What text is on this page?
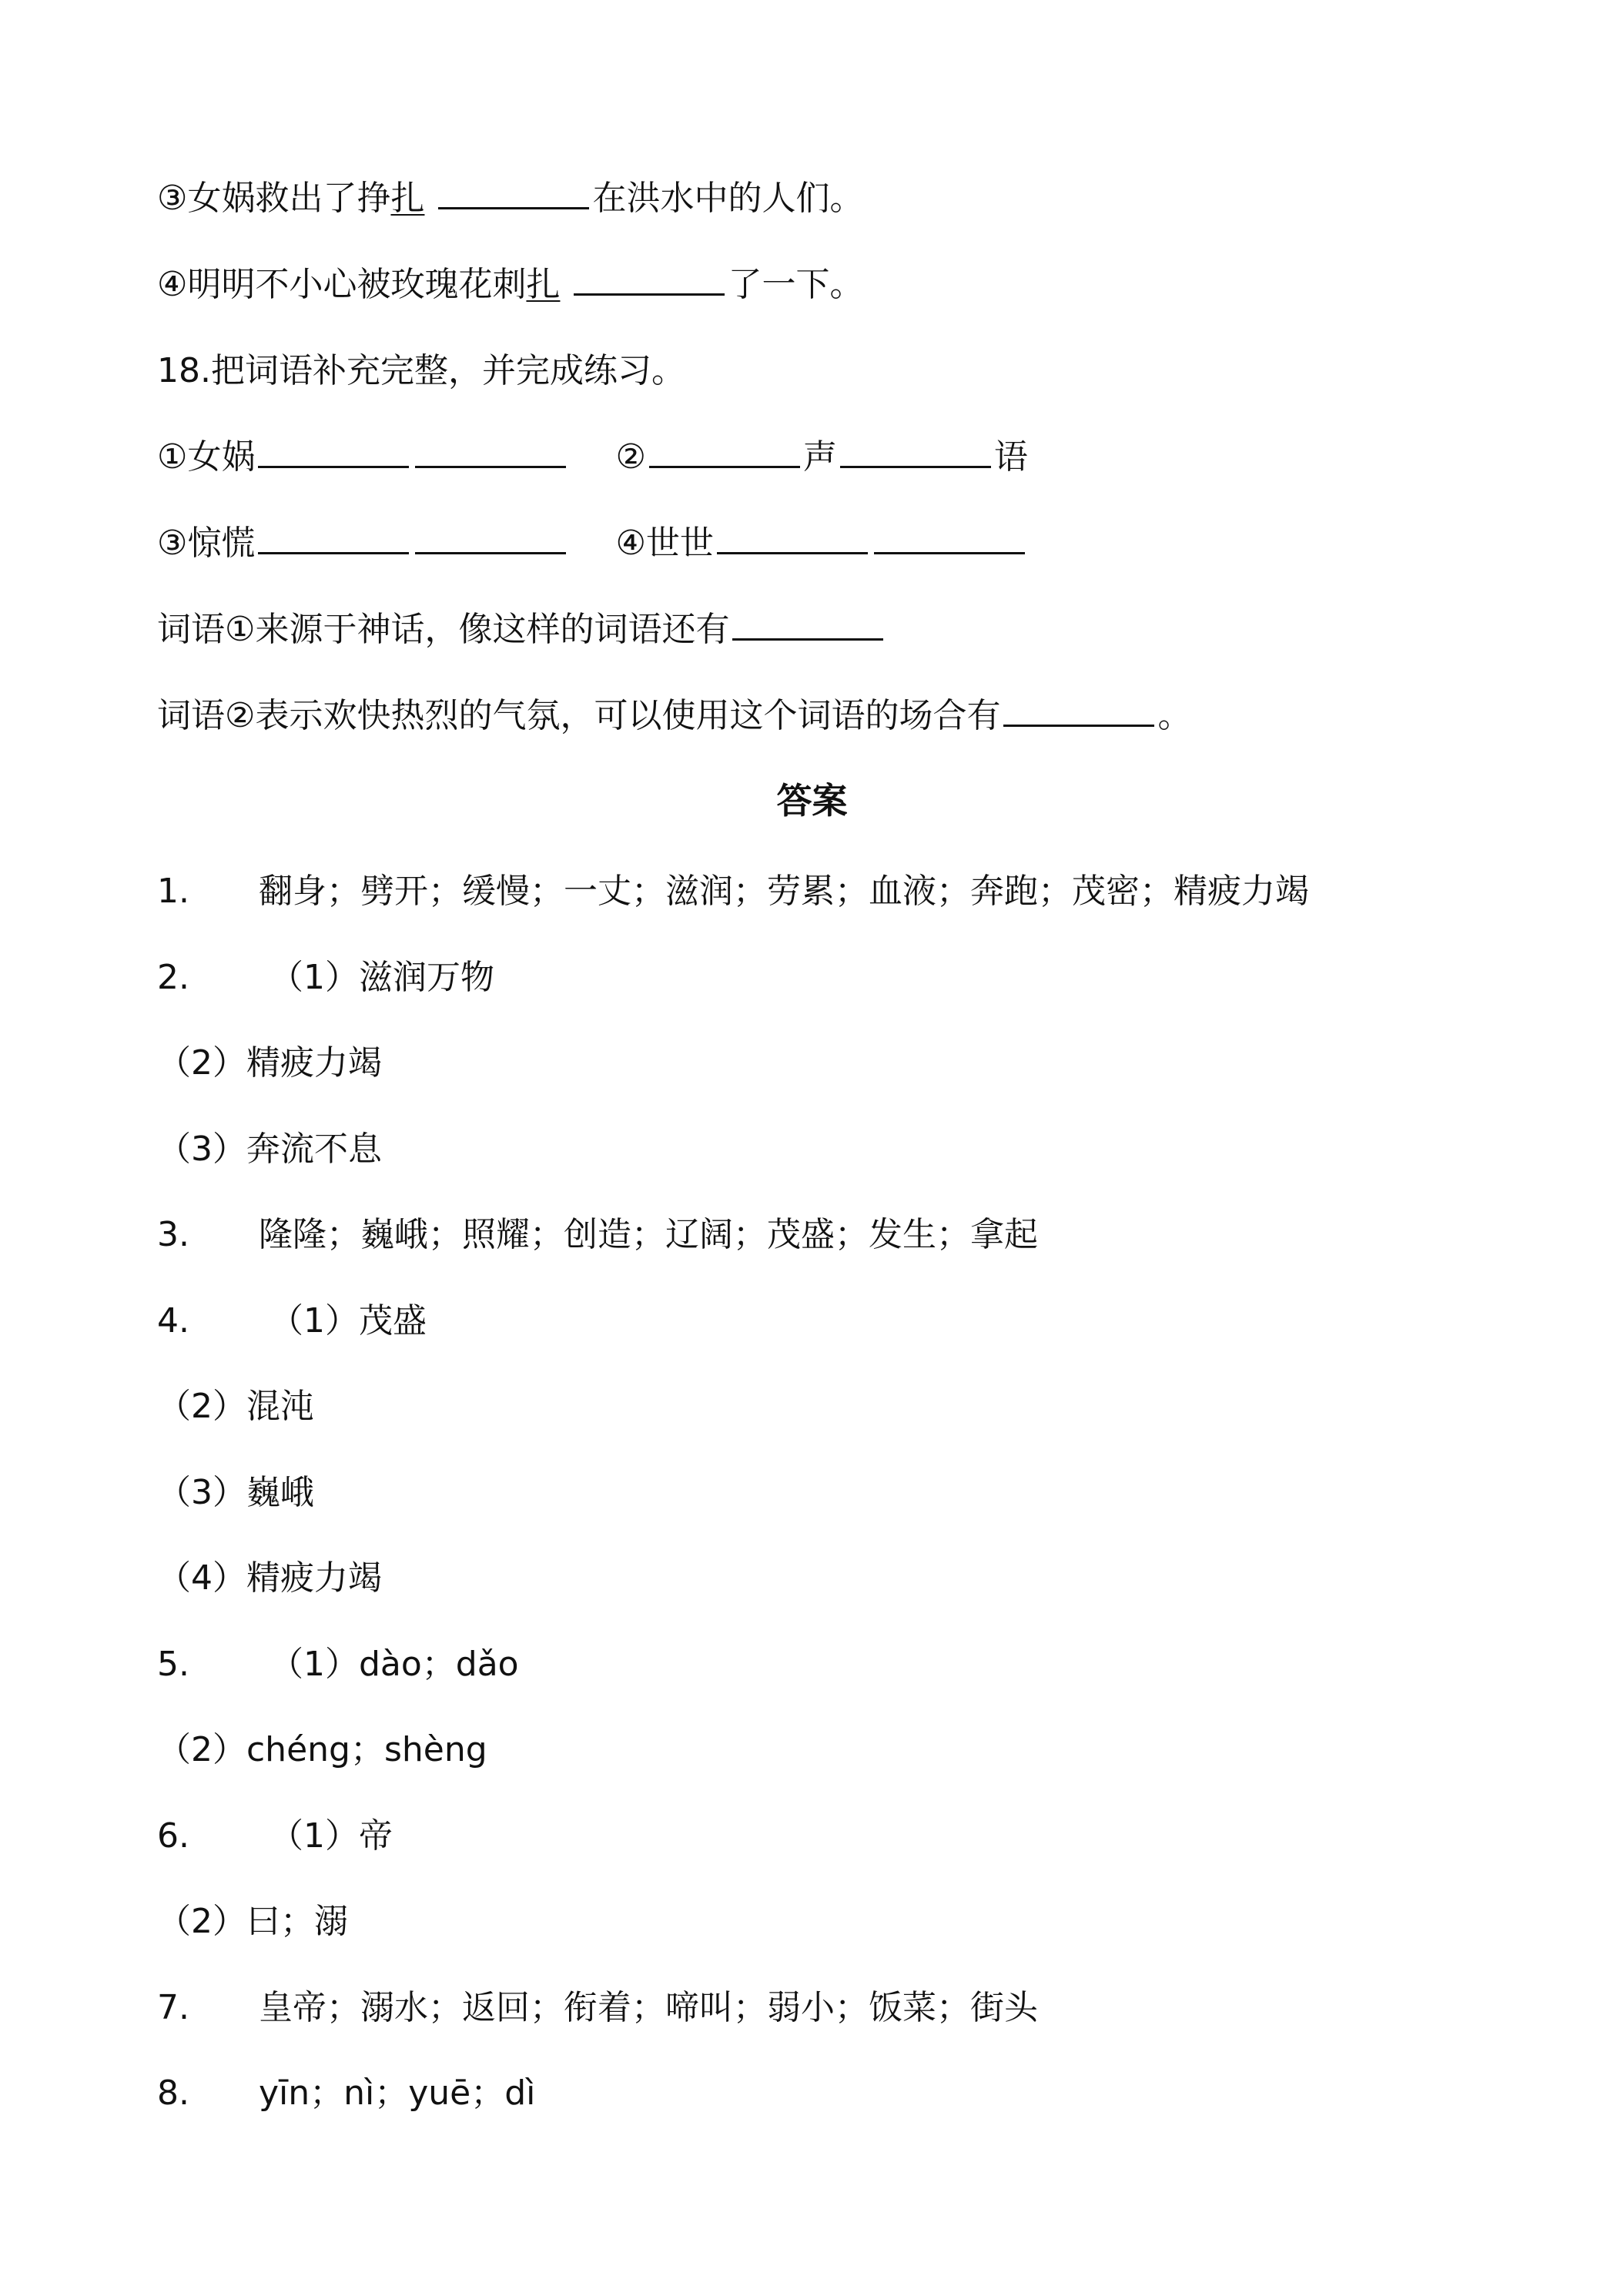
③女娲救出了挣扎	在洪水中的人们。
④明明不小心被玫瑰花刺扎	了一下。
18.把词语补充完整，并完成练习。
①女娲	②	声	语
③惊慌	④世世
词语①来源于神话，像这样的词语还有
词语②表示欢快热烈的气氛，可以使用这个词语的场合有	。
答案
1. 翻身；劈开；缓慢；一丈；滋润；劳累；血液；奔跑；茂密；精疲力竭
2. （1）滋润万物
（2）精疲力竭
（3）奔流不息
3. 隆隆；巍峨；照耀；创造；辽阔；茂盛；发生；拿起
4. （1）茂盛
（2）混沌
（3）巍峨
（4）精疲力竭
5. （1）dào；dǎo
（2）chéng；shèng
6. （1）帝
（2）曰；溺
7. 皇帝；溺水；返回；衔着；啼叫；弱小；饭菜；街头
8. yīn；nì；yuē；dì
